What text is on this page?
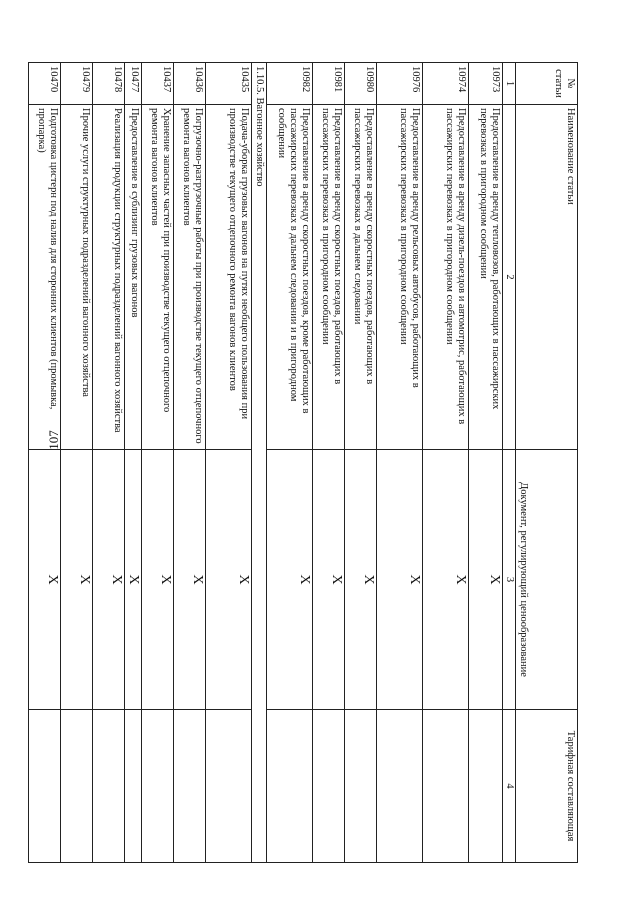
107
№ статьи	Наименование статьи	Документ, регулирующий ценообразование	Тарифная составляющая
1	2	3	4
10973	Предоставление в аренду тепловозов, работающих в пассажирских перевозках в пригородном сообщении	X	
10974	Предоставление в аренду дизель-поездов и автомотрис, работающих в пассажирских перевозках в пригородном сообщении	X	
10976	Предоставление в аренду рельсовых автобусов, работающих в пассажирских перевозках в пригородном сообщении	X	
10980	Предоставление в аренду скоростных поездов, работающих в пассажирских перевозках в дальнем следовании	X	
10981	Предоставление в аренду скоростных поездов, работающих в пассажирских перевозках в пригородном сообщении	X	
10982	Предоставление в аренду скоростных поездов, кроме работающих в пассажирских перевозках в дальнем следовании и в пригородном сообщении	X	
1.10.5. Вагонное хозяйство			
10435	Подача-уборка грузовых вагонов на путях необщего пользования при производстве текущего отцепочного ремонта вагонов клиентов	X	
10436	Погрузочно-разгрузочные работы при производстве текущего отцепочного ремонта вагонов клиентов	X	
10437	Хранение запасных частей при производстве текущего отцепочного ремонта вагонов клиентов	X	
10477	Предоставление в сублизинг грузовых вагонов	X	
10478	Реализация продукции структурных подразделений вагонного хозяйства	X	
10479	Прочие услуги структурных подразделений вагонного хозяйства	X	
10470	Подготовка цистерн под налив для сторонних клиентов (промывка, пропарка)	X	
